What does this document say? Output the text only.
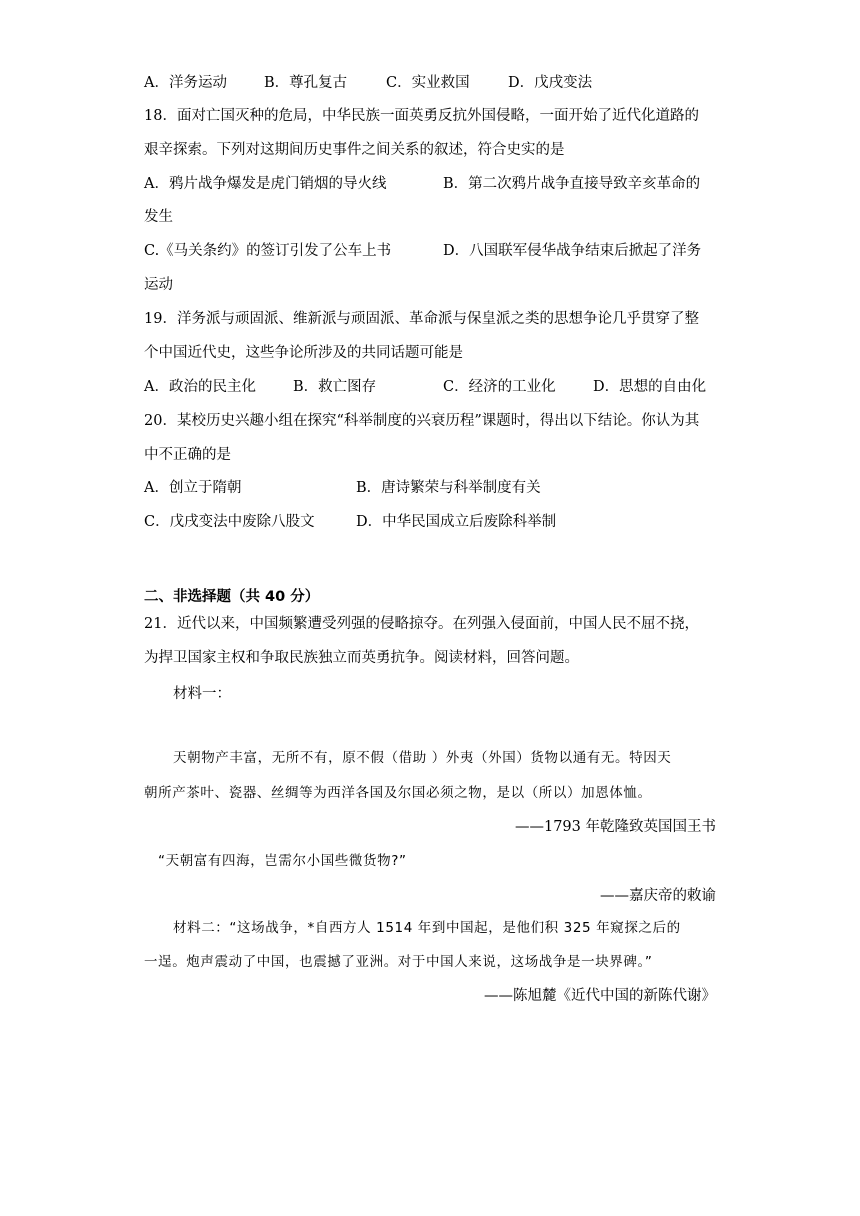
A．洋务运动	B．尊孔复古	C．实业救国	D．戊戌变法
18．面对亡国灭种的危局，中华民族一面英勇反抗外国侵略，一面开始了近代化道路的
艰辛探索。下列对这期间历史事件之间关系的叙述，符合史实的是
A．鸦片战争爆发是虎门销烟的导火线	B．第二次鸦片战争直接导致辛亥革命的
发生
C.《马关条约》的签订引发了公车上书	D．八国联军侵华战争结束后掀起了洋务
运动
19．洋务派与顽固派、维新派与顽固派、革命派与保皇派之类的思想争论几乎贯穿了整
个中国近代史，这些争论所涉及的共同话题可能是
A．政治的民主化	B．救亡图存	C．经济的工业化	D．思想的自由化
20．某校历史兴趣小组在探究“科举制度的兴衰历程”课题时，得出以下结论。你认为其
中不正确的是
A．创立于隋朝	B．唐诗繁荣与科举制度有关
C．戊戌变法中废除八股文	D．中华民国成立后废除科举制
二、非选择题（共 40 分）
21．近代以来，中国频繁遭受列强的侵略掠夺。在列强入侵面前，中国人民不屈不挠，
为捍卫国家主权和争取民族独立而英勇抗争。阅读材料，回答问题。
材料一：
天朝物产丰富，无所不有，原不假（借助 ）外夷（外国）货物以通有无。特因天
朝所产茶叶、瓷器、丝绸等为西洋各国及尔国必须之物，是以（所以）加恩体恤。
——1793 年乾隆致英国国王书
“天朝富有四海，岂需尔小国些微货物?”
——嘉庆帝的敕谕
材料二：“这场战争，*自西方人 1514 年到中国起，是他们积 325 年窥探之后的
一逞。炮声震动了中国，也震撼了亚洲。对于中国人来说，这场战争是一块界碑。”
——陈旭麓《近代中国的新陈代谢》
